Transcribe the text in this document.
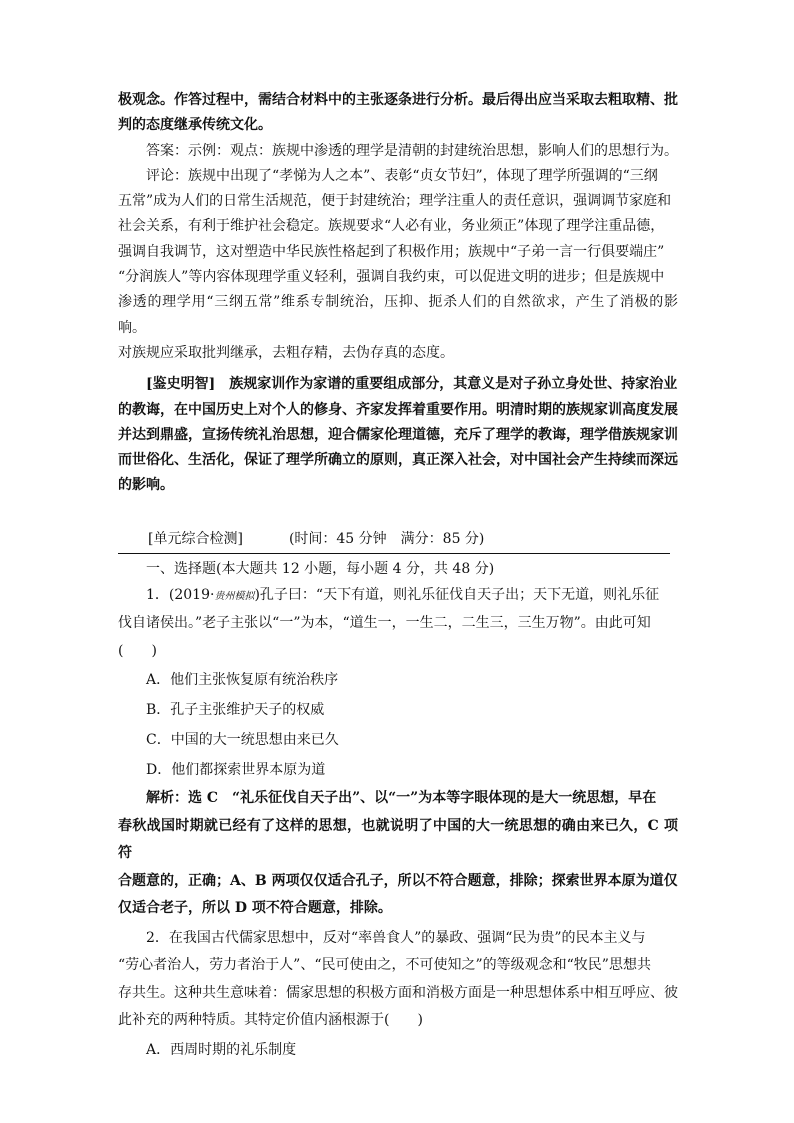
极观念。作答过程中，需结合材料中的主张逐条进行分析。最后得出应当采取去粗取精、批

判的态度继承传统文化。

答案：示例：观点：族规中渗透的理学是清朝的封建统治思想，影响人们的思想行为。

评论：族规中出现了“孝悌为人之本”、表彰“贞女节妇”，体现了理学所强调的“三纲

五常”成为人们的日常生活规范，便于封建统治；理学注重人的责任意识，强调调节家庭和

社会关系，有利于维护社会稳定。族规要求“人必有业，务业须正”体现了理学注重品德，

强调自我调节，这对塑造中华民族性格起到了积极作用；族规中“子弟一言一行俱要端庄”

“分润族人”等内容体现理学重义轻利，强调自我约束，可以促进文明的进步；但是族规中

渗透的理学用“三纲五常”维系专制统治，压抑、扼杀人们的自然欲求，产生了消极的影响。

对族规应采取批判继承，去粗存精，去伪存真的态度。

[鉴史明智]　族规家训作为家谱的重要组成部分，其意义是对子孙立身处世、持家治业

的教诲，在中国历史上对个人的修身、齐家发挥着重要作用。明清时期的族规家训高度发展

并达到鼎盛，宣扬传统礼治思想，迎合儒家伦理道德，充斥了理学的教诲，理学借族规家训

而世俗化、生活化，保证了理学所确立的原则，真正深入社会，对中国社会产生持续而深远

的影响。

[单元综合检测]	(时间：45 分钟　满分：85 分)

一、选择题(本大题共 12 小题，每小题 4 分，共 48 分)

1．(2019·贵州模拟)孔子曰：“天下有道，则礼乐征伐自天子出；天下无道，则礼乐征

伐自诸侯出。”老子主张以“一”为本，“道生一，一生二，二生三，三生万物”。由此可知

(　　)

A．他们主张恢复原有统治秩序

B．孔子主张维护天子的权威

C．中国的大一统思想由来已久

D．他们都探索世界本原为道

解析：选 C　“礼乐征伐自天子出”、以“一”为本等字眼体现的是大一统思想，早在

春秋战国时期就已经有了这样的思想，也就说明了中国的大一统思想的确由来已久，C 项符

合题意的，正确；A、B 两项仅仅适合孔子，所以不符合题意，排除；探索世界本原为道仅

仅适合老子，所以 D 项不符合题意，排除。

2．在我国古代儒家思想中，反对“率兽食人”的暴政、强调“民为贵”的民本主义与

“劳心者治人，劳力者治于人”、“民可使由之，不可使知之”的等级观念和“牧民”思想共

存共生。这种共生意味着：儒家思想的积极方面和消极方面是一种思想体系中相互呼应、彼

此补充的两种特质。其特定价值内涵根源于(　　)

A．西周时期的礼乐制度
